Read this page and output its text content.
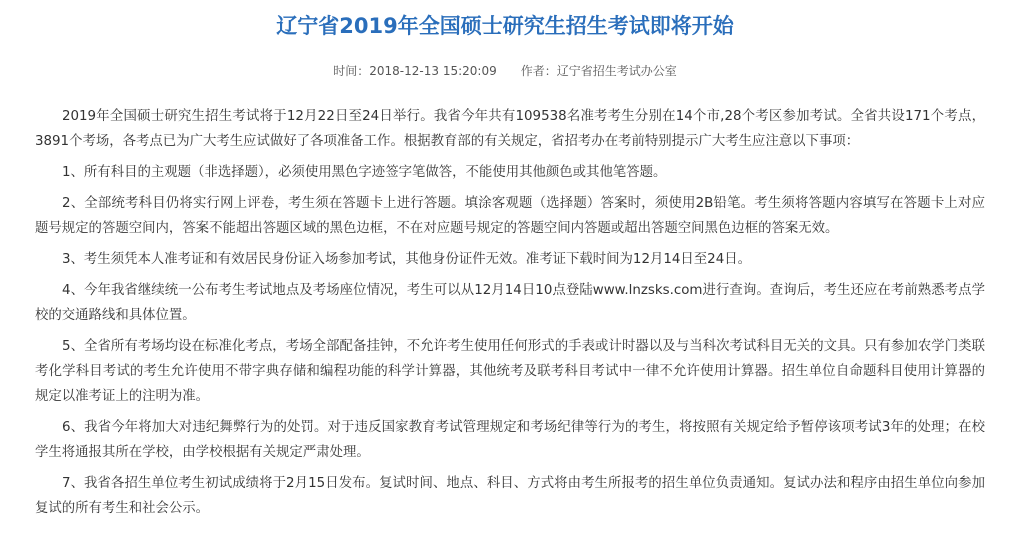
辽宁省2019年全国硕士研究生招生考试即将开始
时间：2018-12-13 15:20:09 作者：辽宁省招生考试办公室

2019年全国硕士研究生招生考试将于12月22日至24日举行。我省今年共有109538名准考考生分别在14个市,28个考区参加考试。全省共设171个考点，3891个考场，各考点已为广大考生应试做好了各项准备工作。根据教育部的有关规定，省招考办在考前特别提示广大考生应注意以下事项：

1、所有科目的主观题（非选择题），必须使用黑色字迹签字笔做答，不能使用其他颜色或其他笔答题。

2、全部统考科目仍将实行网上评卷，考生须在答题卡上进行答题。填涂客观题（选择题）答案时，须使用2B铅笔。考生须将答题内容填写在答题卡上对应题号规定的答题空间内，答案不能超出答题区域的黑色边框，不在对应题号规定的答题空间内答题或超出答题空间黑色边框的答案无效。

3、考生须凭本人准考证和有效居民身份证入场参加考试，其他身份证件无效。准考证下载时间为12月14日至24日。

4、今年我省继续统一公布考生考试地点及考场座位情况，考生可以从12月14日10点登陆www.lnzsks.com进行查询。查询后，考生还应在考前熟悉考点学校的交通路线和具体位置。

5、全省所有考场均设在标准化考点，考场全部配备挂钟，不允许考生使用任何形式的手表或计时器以及与当科次考试科目无关的文具。只有参加农学门类联考化学科目考试的考生允许使用不带字典存储和编程功能的科学计算器，其他统考及联考科目考试中一律不允许使用计算器。招生单位自命题科目使用计算器的规定以准考证上的注明为准。

6、我省今年将加大对违纪舞弊行为的处罚。对于违反国家教育考试管理规定和考场纪律等行为的考生，将按照有关规定给予暂停该项考试3年的处理；在校学生将通报其所在学校，由学校根据有关规定严肃处理。

7、我省各招生单位考生初试成绩将于2月15日发布。复试时间、地点、科目、方式将由考生所报考的招生单位负责通知。复试办法和程序由招生单位向参加复试的所有考生和社会公示。
